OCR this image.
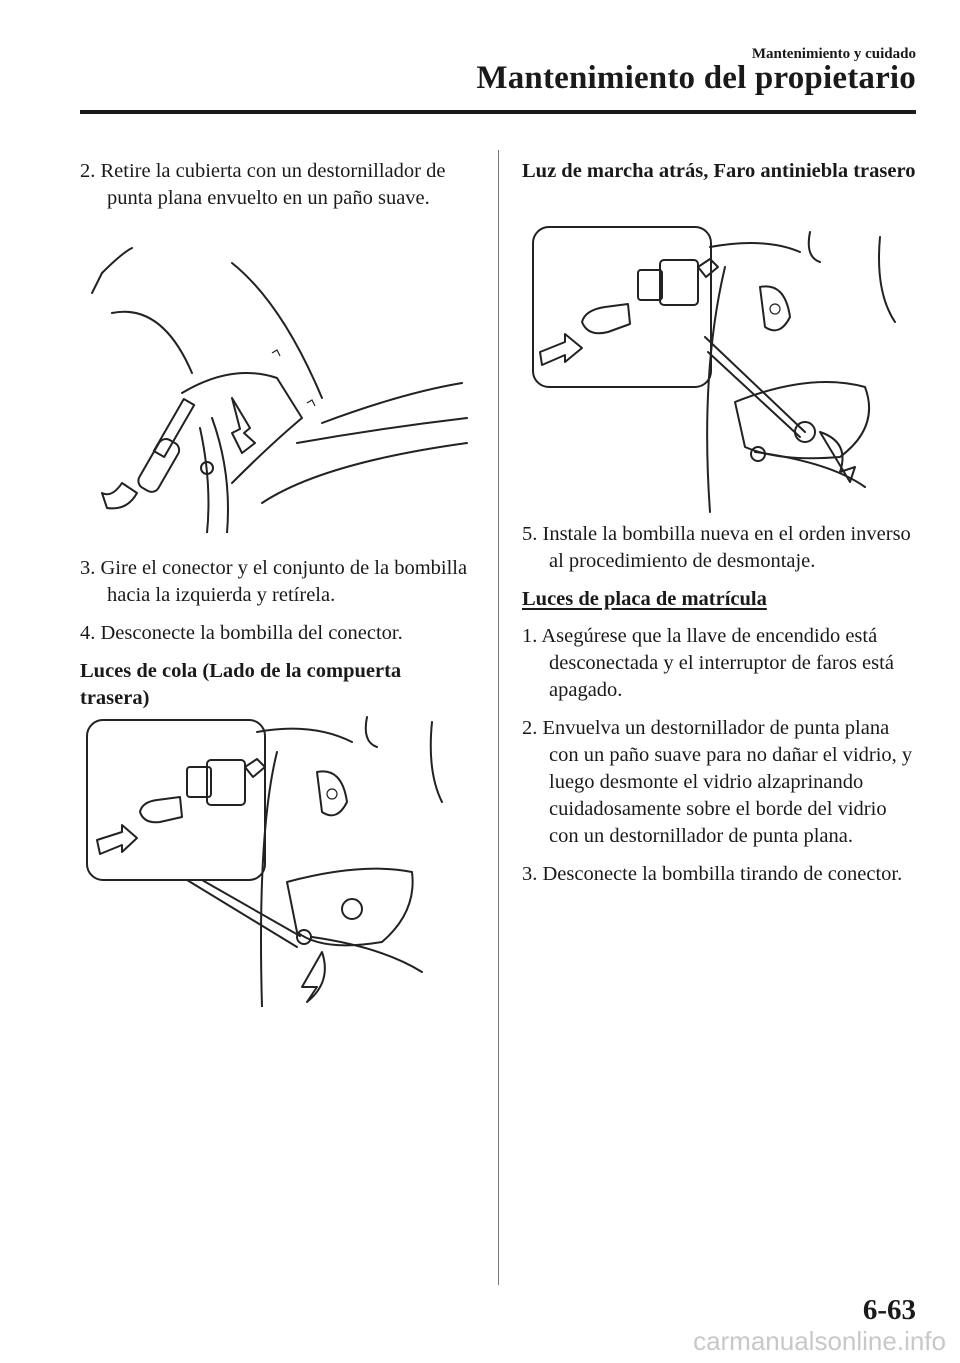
Mantenimiento y cuidado
Mantenimiento del propietario

2. Retire la cubierta con un destornillador de punta plana envuelto en un paño suave.

3. Gire el conector y el conjunto de la bombilla hacia la izquierda y retírela.

4. Desconecte la bombilla del conector.

Luces de cola (Lado de la compuerta trasera)

Luz de marcha atrás, Faro antiniebla trasero

5. Instale la bombilla nueva en el orden inverso al procedimiento de desmontaje.

Luces de placa de matrícula

1. Asegúrese que la llave de encendido está desconectada y el interruptor de faros está apagado.

2. Envuelva un destornillador de punta plana con un paño suave para no dañar el vidrio, y luego desmonte el vidrio alzaprinando cuidadosamente sobre el borde del vidrio con un destornillador de punta plana.

3. Desconecte la bombilla tirando de conector.

6-63
carmanualsonline.info
